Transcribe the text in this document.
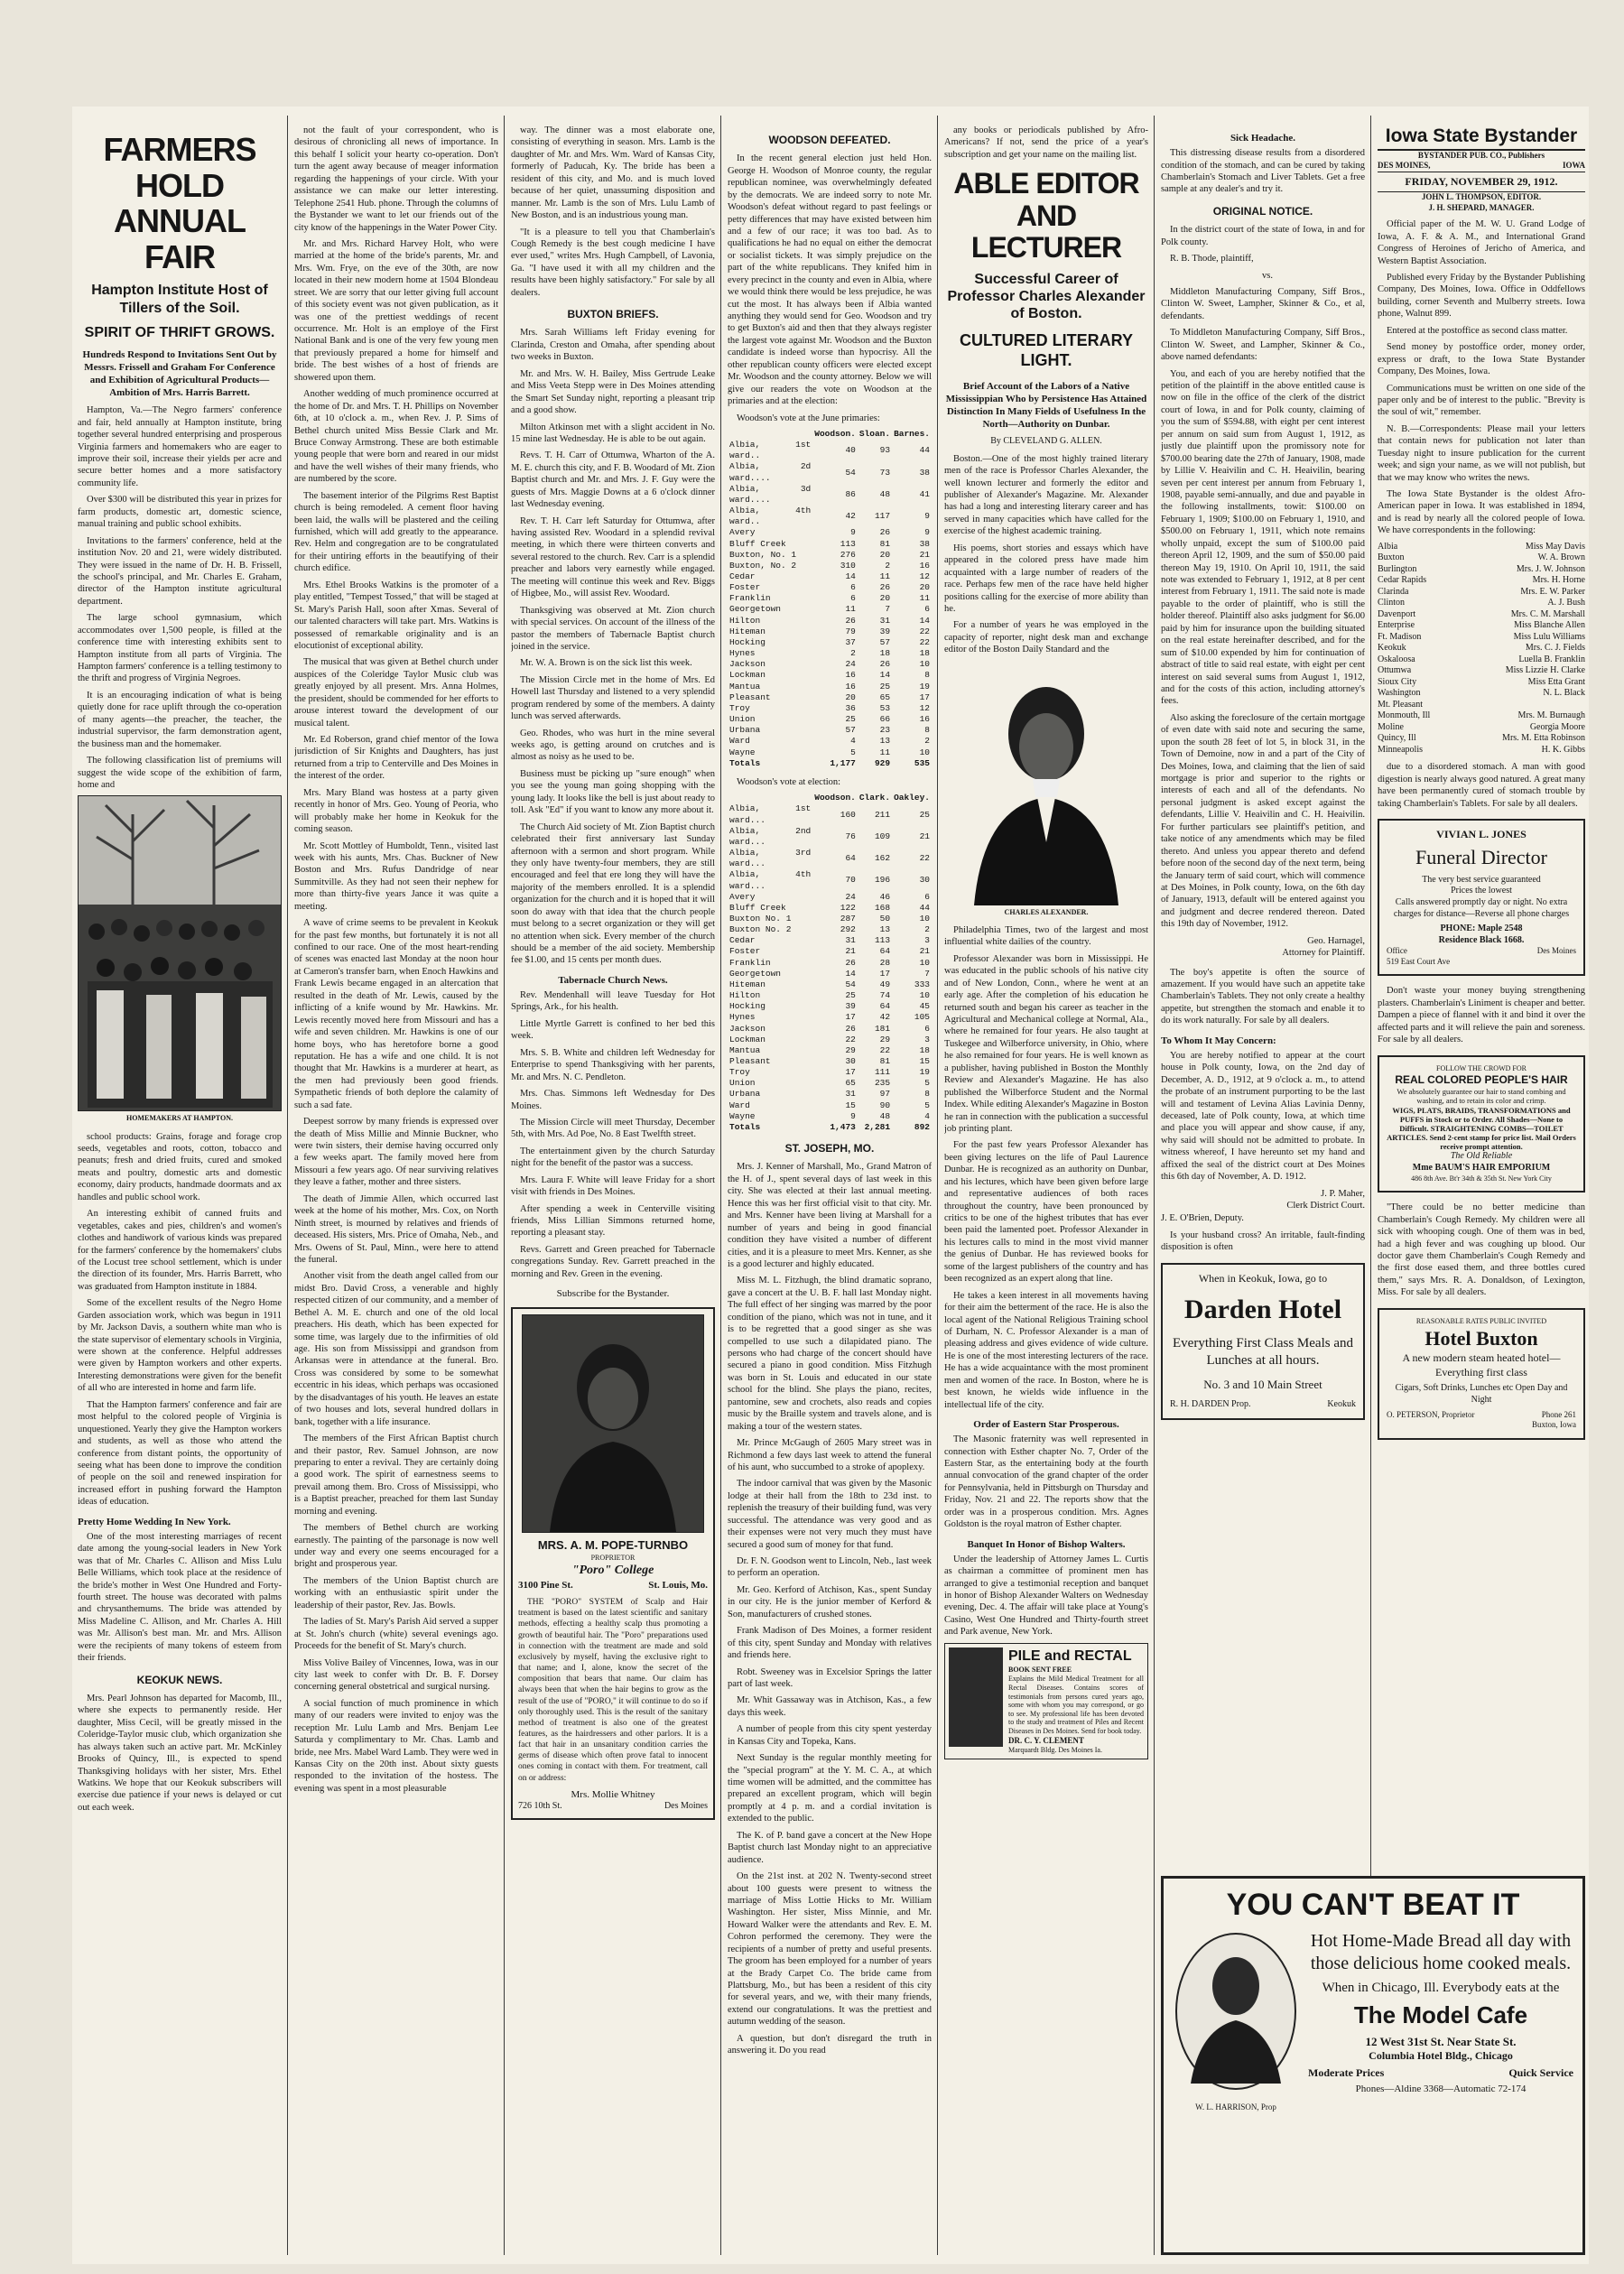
FARMERS HOLD ANNUAL FAIR
Hampton Institute Host of Tillers of the Soil.
SPIRIT OF THRIFT GROWS.
Hundreds Respond to Invitations Sent Out by Messrs. Frissell and Graham For Conference and Exhibition of Agricultural Products—Ambition of Mrs. Harris Barrett.

Hampton, Va.—The Negro farmers' conference and fair, held annually at Hampton institute, bring together several hundred enterprising and prosperous Virginia farmers and homemakers who are eager to improve their soil, increase their yields per acre and secure better homes and a more satisfactory community life.

Over $300 will be distributed this year in prizes for farm products, domestic art, domestic science, manual training and public school exhibits.

Invitations to the farmers' conference, held at the institution Nov. 20 and 21, were widely distributed. They were issued in the name of Dr. H. B. Frissell, the school's principal, and Mr. Charles E. Graham, director of the Hampton institute agricultural department.

The large school gymnasium, which accommodates over 1,500 people, is filled at the conference time with interesting exhibits sent to Hampton institute from all parts of Virginia. The Hampton farmers' conference is a telling testimony to the thrift and progress of Virginia Negroes.

It is an encouraging indication of what is being quietly done for race uplift through the co-operation of many agents—the preacher, the teacher, the industrial supervisor, the farm demonstration agent, the business man and the homemaker.

The following classification list of premiums will suggest the wide scope of the exhibition of farm, home and

HOMEMAKERS AT HAMPTON.

school products: Grains, forage and forage crop seeds, vegetables and roots, cotton, tobacco and peanuts; fresh and dried fruits, cured and smoked meats and poultry, domestic arts and domestic economy, dairy products, handmade doormats and ax handles and public school work.

An interesting exhibit of canned fruits and vegetables, cakes and pies, children's and women's clothes and handiwork of various kinds was prepared for the farmers' conference by the homemakers' clubs of the Locust tree school settlement, which is under the direction of its founder, Mrs. Harris Barrett, who was graduated from Hampton institute in 1884.

Some of the excellent results of the Negro Home Garden association work, which was begun in 1911 by Mr. Jackson Davis, a southern white man who is the state supervisor of elementary schools in Virginia, were shown at the conference. Helpful addresses were given by Hampton workers and other experts. Interesting demonstrations were given for the benefit of all who are interested in home and farm life.

That the Hampton farmers' conference and fair are most helpful to the colored people of Virginia is unquestioned. Yearly they give the Hampton workers and students, as well as those who attend the conference from distant points, the opportunity of seeing what has been done to improve the condition of people on the soil and renewed inspiration for increased effort in pushing forward the Hampton ideas of education.

Pretty Home Wedding In New York.

One of the most interesting marriages of recent date among the young-social leaders in New York was that of Mr. Charles C. Allison and Miss Lulu Belle Williams, which took place at the residence of the bride's mother in West One Hundred and Forty-fourth street. The house was decorated with palms and chrysanthemums. The bride was attended by Miss Madeline C. Allison, and Mr. Charles A. Hill was Mr. Allison's best man. Mr. and Mrs. Allison were the recipients of many tokens of esteem from their friends.

KEOKUK NEWS.

Mrs. Pearl Johnson has departed for Macomb, Ill., where she expects to permanently reside. Her daughter, Miss Cecil, will be greatly missed in the Coleridge-Taylor music club, which organization she has always taken such an active part. Mr. McKinley Brooks of Quincy, Ill., is expected to spend Thanksgiving holidays with her sister, Mrs. Ethel Watkins. We hope that our Keokuk subscribers will exercise due patience if your news is delayed or cut out each week.

not the fault of your correspondent, who is desirous of chronicling all news of importance. In this behalf I solicit your hearty co-operation. Don't turn the agent away because of meager information regarding the happenings of your circle. With your assistance we can make our letter interesting. Telephone 2541 Hub. phone. Through the columns of the Bystander we want to let our friends out of the city know of the happenings in the Water Power City.

Mr. and Mrs. Richard Harvey Holt, who were married at the home of the bride's parents, Mr. and Mrs. Wm. Frye, on the eve of the 30th, are now located in their new modern home at 1504 Blondeau street. We are sorry that our letter giving full account of this society event was not given publication, as it was one of the prettiest weddings of recent occurrence. Mr. Holt is an employe of the First National Bank and is one of the very few young men that previously prepared a home for himself and bride. The best wishes of a host of friends are showered upon them.

Another wedding of much prominence occurred at the home of Dr. and Mrs. T. H. Phillips on November 6th, at 10 o'clock a. m., when Rev. J. P. Sims of Bethel church united Miss Bessie Clark and Mr. Bruce Conway Armstrong. These are both estimable young people that were born and reared in our midst and have the well wishes of their many friends, who are numbered by the score.

The basement interior of the Pilgrims Rest Baptist church is being remodeled. A cement floor having been laid, the walls will be plastered and the ceiling furnished, which will add greatly to the appearance. Rev. Helm and congregation are to be congratulated for their untiring efforts in the beautifying of their church edifice.

Mrs. Ethel Brooks Watkins is the promoter of a play entitled, "Tempest Tossed," that will be staged at St. Mary's Parish Hall, soon after Xmas. Several of our talented characters will take part. Mrs. Watkins is possessed of remarkable originality and is an elocutionist of exceptional ability.

The musical that was given at Bethel church under auspices of the Coleridge Taylor Music club was greatly enjoyed by all present. Mrs. Anna Holmes, the president, should be commended for her efforts to arouse interest toward the development of our musical talent.

Mr. Ed Roberson, grand chief mentor of the Iowa jurisdiction of Sir Knights and Daughters, has just returned from a trip to Centerville and Des Moines in the interest of the order.

Mrs. Mary Bland was hostess at a party given recently in honor of Mrs. Geo. Young of Peoria, who will probably make her home in Keokuk for the coming season.

Mr. Scott Mottley of Humboldt, Tenn., visited last week with his aunts, Mrs. Chas. Buckner of New Boston and Mrs. Rufus Dandridge of near Summitville. As they had not seen their nephew for more than thirty-five years Jance it was quite a meeting.

A wave of crime seems to be prevalent in Keokuk for the past few months, but fortunately it is not all confined to our race. One of the most heart-rending of scenes was enacted last Monday at the noon hour at Cameron's transfer barn, when Enoch Hawkins and Frank Lewis became engaged in an altercation that resulted in the death of Mr. Lewis, caused by the inflicting of a knife wound by Mr. Hawkins. Mr. Lewis recently moved here from Missouri and has a wife and seven children. Mr. Hawkins is one of our home boys, who has heretofore borne a good reputation. He has a wife and one child. It is not thought that Mr. Hawkins is a murderer at heart, as the men had previously been good friends. Sympathetic friends of both deplore the calamity of such a sad fate.

Deepest sorrow by many friends is expressed over the death of Miss Millie and Minnie Buckner, who were twin sisters, their demise having occurred only a few weeks apart. The family moved here from Missouri a few years ago. Of near surviving relatives they leave a father, mother and three sisters.

The death of Jimmie Allen, which occurred last week at the home of his mother, Mrs. Cox, on North Ninth street, is mourned by relatives and friends of deceased. His sisters, Mrs. Price of Omaha, Neb., and Mrs. Owens of St. Paul, Minn., were here to attend the funeral.

Another visit from the death angel called from our midst Bro. David Cross, a venerable and highly respected citizen of our community, and a member of Bethel A. M. E. church and one of the old local preachers. His death, which has been expected for some time, was largely due to the infirmities of old age. His son from Mississippi and grandson from Arkansas were in attendance at the funeral. Bro. Cross was considered by some to be somewhat eccentric in his ideas, which perhaps was occasioned by the disadvantages of his youth. He leaves an estate of two houses and lots, several hundred dollars in bank, together with a life insurance.

The members of the First African Baptist church and their pastor, Rev. Samuel Johnson, are now preparing to enter a revival. They are certainly doing a good work. The spirit of earnestness seems to prevail among them. Bro. Cross of Mississippi, who is a Baptist preacher, preached for them last Sunday morning and evening.

The members of Bethel church are working earnestly. The painting of the parsonage is now well under way and every one seems encouraged for a bright and prosperous year.

The members of the Union Baptist church are working with an enthusiastic spirit under the leadership of their pastor, Rev. Jas. Bowls.

The ladies of St. Mary's Parish Aid served a supper at St. John's church (white) several evenings ago. Proceeds for the benefit of St. Mary's church.

Miss Volive Bailey of Vincennes, Iowa, was in our city last week to confer with Dr. B. F. Dorsey concerning general obstetrical and surgical nursing.

A social function of much prominence in which many of our readers were invited to enjoy was the reception Mr. Lulu Lamb and Mrs. Benjam Lee Saturda y complimentary to Mr. Chas. Lamb and bride, nee Mrs. Mabel Ward Lamb. They were wed in Kansas City on the 20th inst. About sixty guests responded to the invitation of the hostess. The evening was spent in a most pleasurable

way. The dinner was a most elaborate one, consisting of everything in season. Mrs. Lamb is the daughter of Mr. and Mrs. Wm. Ward of Kansas City, formerly of Paducah, Ky. The bride has been a resident of this city, and Mo. and is much loved because of her quiet, unassuming disposition and manner. Mr. Lamb is the son of Mrs. Lulu Lamb of New Boston, and is an industrious young man.

"It is a pleasure to tell you that Chamberlain's Cough Remedy is the best cough medicine I have ever used," writes Mrs. Hugh Campbell, of Lavonia, Ga. "I have used it with all my children and the results have been highly satisfactory." For sale by all dealers.

BUXTON BRIEFS.

Mrs. Sarah Williams left Friday evening for Clarinda, Creston and Omaha, after spending about two weeks in Buxton.

Mr. and Mrs. W. H. Bailey, Miss Gertrude Leake and Miss Veeta Stepp were in Des Moines attending the Smart Set Sunday night, reporting a pleasant trip and a good show.

Milton Atkinson met with a slight accident in No. 15 mine last Wednesday. He is able to be out again.

Revs. T. H. Carr of Ottumwa, Wharton of the A. M. E. church this city, and F. B. Woodard of Mt. Zion Baptist church and Mr. and Mrs. J. F. Guy were the guests of Mrs. Maggie Downs at a 6 o'clock dinner last Wednesday evening.

Rev. T. H. Carr left Saturday for Ottumwa, after having assisted Rev. Woodard in a splendid revival meeting, in which there were thirteen converts and several restored to the church. Rev. Carr is a splendid preacher and labors very earnestly while engaged. The meeting will continue this week and Rev. Biggs of Higbee, Mo., will assist Rev. Woodard.

Thanksgiving was observed at Mt. Zion church with special services. On account of the illness of the pastor the members of Tabernacle Baptist church joined in the service.

Mr. W. A. Brown is on the sick list this week.

The Mission Circle met in the home of Mrs. Ed Howell last Thursday and listened to a very splendid program rendered by some of the members. A dainty lunch was served afterwards.

Geo. Rhodes, who was hurt in the mine several weeks ago, is getting around on crutches and is almost as noisy as he used to be.

Business must be picking up "sure enough" when you see the young man going shopping with the young lady. It looks like the bell is just about ready to toll. Ask "Ed" if you want to know any more about it.

The Church Aid society of Mt. Zion Baptist church celebrated their first anniversary last Sunday afternoon with a sermon and short program. While they only have twenty-four members, they are still encouraged and feel that ere long they will have the majority of the members enrolled. It is a splendid organization for the church and it is hoped that it will soon do away with that idea that the church people must belong to a secret organization or they will get no attention when sick. Every member of the church should be a member of the aid society. Membership fee $1.00, and 15 cents per month dues.

Tabernacle Church News.

Rev. Mendenhall will leave Tuesday for Hot Springs, Ark., for his health.

Little Myrtle Garrett is confined to her bed this week.

Mrs. S. B. White and children left Wednesday for Enterprise to spend Thanksgiving with her parents, Mr. and Mrs. N. C. Pendleton.

Mrs. Chas. Simmons left Wednesday for Des Moines.

The Mission Circle will meet Thursday, December 5th, with Mrs. Ad Poe, No. 8 East Twelfth street.

The entertainment given by the church Saturday night for the benefit of the pastor was a success.

Mrs. Laura F. White will leave Friday for a short visit with friends in Des Moines.

After spending a week in Centerville visiting friends, Miss Lillian Simmons returned home, reporting a pleasant stay.

Revs. Garrett and Green preached for Tabernacle congregations Sunday. Rev. Garrett preached in the morning and Rev. Green in the evening.

Subscribe for the Bystander.
MRS. A. M. POPE-TURNBO
PROPRIETOR
"Poro" College
3100 Pine St.	St. Louis, Mo.

THE "PORO" SYSTEM of Scalp and Hair treatment is based on the latest scientific and sanitary methods, effecting a healthy scalp thus promoting a growth of beautiful hair. The "Poro" preparations used in connection with the treatment are made and sold exclusively by myself, having the exclusive right to that name; and I, alone, know the secret of the composition that bears that name. Our claim has always been that when the hair begins to grow as the result of the use of "PORO," it will continue to do so if only thoroughly used. This is the result of the sanitary method of treatment is also one of the greatest features, as the hairdressers and other parlors. It is a fact that hair in an unsanitary condition carries the germs of disease which often prove fatal to innocent ones coming in contact with them. For treatment, call on or address:

Mrs. Mollie Whitney
726 10th St.	Des Moines
WOODSON DEFEATED.

In the recent general election just held Hon. George H. Woodson of Monroe county, the regular republican nominee, was overwhelmingly defeated by the democrats. We are indeed sorry to note Mr. Woodson's defeat without regard to past feelings or petty differences that may have existed between him and a few of our race; it was too bad. As to qualifications he had no equal on either the democrat or socialist tickets. It was simply prejudice on the part of the white republicans. They knifed him in every precinct in the county and even in Albia, where we would think there would be less prejudice, he was cut the most. It has always been if Albia wanted anything they would send for Geo. Woodson and try to get Buxton's aid and then that they always register the largest vote against Mr. Woodson and the Buxton candidate is indeed worse than hypocrisy. All the other republican county officers were elected except Mr. Woodson and the county attorney. Below we will give our readers the vote on Woodson at the primaries and at the election:

Woodson's vote at the June primaries:

	Woodson.	Sloan.	Barnes.
Albia, 1st ward..	40	93	44
Albia, 2d ward....	54	73	38
Albia, 3d ward....	86	48	41
Albia, 4th ward..	42	117	9
Avery	9	26	9
Bluff Creek	113	81	38
Buxton, No. 1	276	20	21
Buxton, No. 2	310	2	16
Cedar	14	11	12
Foster	6	26	20
Franklin	6	20	11
Georgetown	11	7	6
Hilton	26	31	14
Hiteman	79	39	22
Hocking	37	57	22
Hynes	2	18	18
Jackson	24	26	10
Lockman	16	14	8
Mantua	16	25	19
Pleasant	20	65	17
Troy	36	53	12
Union	25	66	16
Urbana	57	23	8
Ward	4	13	2
Wayne	5	11	10
Totals	1,177	929	535

Woodson's vote at election:

	Woodson.	Clark.	Oakley.
Albia, 1st ward...	160	211	25
Albia, 2nd ward...	76	109	21
Albia, 3rd ward...	64	162	22
Albia, 4th ward...	70	196	30
Avery	24	46	6
Bluff Creek	122	168	44
Buxton No. 1	287	50	10
Buxton No. 2	292	13	2
Cedar	31	113	3
Foster	21	64	21
Franklin	26	28	10
Georgetown	14	17	7
Hiteman	54	49	333
Hilton	25	74	10
Hocking	39	64	45
Hynes	17	42	105
Jackson	26	181	6
Lockman	22	29	3
Mantua	29	22	18
Pleasant	30	81	15
Troy	17	111	19
Union	65	235	5
Urbana	31	97	8
Ward	15	90	5
Wayne	9	48	4
Totals	1,473	2,281	892
ST. JOSEPH, MO.

Mrs. J. Kenner of Marshall, Mo., Grand Matron of the H. of J., spent several days of last week in this city. She was elected at their last annual meeting. Hence this was her first official visit to that city. Mr. and Mrs. Kenner have been living at Marshall for a number of years and being in good financial condition they have visited a number of different cities, and it is a pleasure to meet Mrs. Kenner, as she is a good lecturer and highly educated.

Miss M. L. Fitzhugh, the blind dramatic soprano, gave a concert at the U. B. F. hall last Monday night. The full effect of her singing was marred by the poor condition of the piano, which was not in tune, and it is to be regretted that a good singer as she was compelled to use such a dilapidated piano. The persons who had charge of the concert should have secured a piano in good condition. Miss Fitzhugh was born in St. Louis and educated in our state school for the blind. She plays the piano, recites, pantomine, sew and crochets, also reads and copies music by the Braille system and travels alone, and is making a tour of the western states.

Mr. Prince McGaugh of 2605 Mary street was in Richmond a few days last week to attend the funeral of his aunt, who succumbed to a stroke of apoplexy.

The indoor carnival that was given by the Masonic lodge at their hall from the 18th to 23d inst. to replenish the treasury of their building fund, was very successful. The attendance was very good and as their expenses were not very much they must have secured a good sum of money for that fund.

Dr. F. N. Goodson went to Lincoln, Neb., last week to perform an operation.

Mr. Geo. Kerford of Atchison, Kas., spent Sunday in our city. He is the junior member of Kerford & Son, manufacturers of crushed stones.

Frank Madison of Des Moines, a former resident of this city, spent Sunday and Monday with relatives and friends here.

Robt. Sweeney was in Excelsior Springs the latter part of last week.

Mr. Whit Gassaway was in Atchison, Kas., a few days this week.

A number of people from this city spent yesterday in Kansas City and Topeka, Kans.

Next Sunday is the regular monthly meeting for the "special program" at the Y. M. C. A., at which time women will be admitted, and the committee has prepared an excellent program, which will begin promptly at 4 p. m. and a cordial invitation is extended to the public.

The K. of P. band gave a concert at the New Hope Baptist church last Monday night to an appreciative audience.

On the 21st inst. at 202 N. Twenty-second street about 100 guests were present to witness the marriage of Miss Lottie Hicks to Mr. William Washington. Her sister, Miss Minnie, and Mr. Howard Walker were the attendants and Rev. E. M. Cohron performed the ceremony. They were the recipients of a number of pretty and useful presents. The groom has been employed for a number of years at the Brady Carpet Co. The bride came from Plattsburg, Mo., but has been a resident of this city for several years, and we, with their many friends, extend our congratulations. It was the prettiest and autumn wedding of the season.

A question, but don't disregard the truth in answering it. Do you read

any books or periodicals published by Afro-Americans? If not, send the price of a year's subscription and get your name on the mailing list.

ABLE EDITOR AND LECTURER
Successful Career of Professor Charles Alexander of Boston.
CULTURED LITERARY LIGHT.
Brief Account of the Labors of a Native Mississippian Who by Persistence Has Attained Distinction In Many Fields of Usefulness In the North—Authority on Dunbar.
By CLEVELAND G. ALLEN.

Boston.—One of the most highly trained literary men of the race is Professor Charles Alexander, the well known lecturer and formerly the editor and publisher of Alexander's Magazine. Mr. Alexander has had a long and interesting literary career and has served in many capacities which have called for the exercise of the highest academic training.

His poems, short stories and essays which have appeared in the colored press have made him acquainted with a large number of readers of the race. Perhaps few men of the race have held higher positions calling for the exercise of more ability than he.

For a number of years he was employed in the capacity of reporter, night desk man and exchange editor of the Boston Daily Standard and the

CHARLES ALEXANDER.

Philadelphia Times, two of the largest and most influential white dailies of the country.

Professor Alexander was born in Mississippi. He was educated in the public schools of his native city and of New London, Conn., where he went at an early age. After the completion of his education he returned south and began his career as teacher in the Agricultural and Mechanical college at Normal, Ala., where he remained for four years. He also taught at Tuskegee and Wilberforce university, in Ohio, where he also remained for four years. He is well known as a publisher, having published in Boston the Monthly Review and Alexander's Magazine. He has also published the Wilberforce Student and the Normal Index. While editing Alexander's Magazine in Boston he ran in connection with the publication a successful job printing plant.

For the past few years Professor Alexander has been giving lectures on the life of Paul Laurence Dunbar. He is recognized as an authority on Dunbar, and his lectures, which have been given before large and representative audiences of both races throughout the country, have been pronounced by critics to be one of the highest tributes that has ever been paid the lamented poet. Professor Alexander in his lectures calls to mind in the most vivid manner the genius of Dunbar. He has reviewed books for some of the largest publishers of the country and has been recognized as an expert along that line.

He takes a keen interest in all movements having for their aim the betterment of the race. He is also the local agent of the National Religious Training school of Durham, N. C. Professor Alexander is a man of pleasing address and gives evidence of wide culture. He is one of the most interesting lecturers of the race. He has a wide acquaintance with the most prominent men and women of the race. In Boston, where he is best known, he wields wide influence in the intellectual life of the city.

Order of Eastern Star Prosperous.

The Masonic fraternity was well represented in connection with Esther chapter No. 7, Order of the Eastern Star, as the entertaining body at the fourth annual convocation of the grand chapter of the order for Pennsylvania, held in Pittsburgh on Thursday and Friday, Nov. 21 and 22. The reports show that the order was in a prosperous condition. Mrs. Agnes Goldston is the royal matron of Esther chapter.

Banquet In Honor of Bishop Walters.

Under the leadership of Attorney James L. Curtis as chairman a committee of prominent men has arranged to give a testimonial reception and banquet in honor of Bishop Alexander Walters on Wednesday evening, Dec. 4. The affair will take place at Young's Casino, West One Hundred and Thirty-fourth street and Park avenue, New York.

PILE and RECTAL
BOOK SENT FREE
Explains the Mild Medical Treatment for all Rectal Diseases. Contains scores of testimonials from persons cured years ago, some with whom you may correspond, or go to see. My professional life has been devoted to the study and treatment of Piles and Recent Diseases in Des Moines. Send for book today.
DR. C. Y. CLEMENT
Marquardt Bldg. Des Moines Ia.
Sick Headache.

This distressing disease results from a disordered condition of the stomach, and can be cured by taking Chamberlain's Stomach and Liver Tablets. Get a free sample at any dealer's and try it.

ORIGINAL NOTICE.

In the district court of the state of Iowa, in and for Polk county.

R. B. Thode, plaintiff,

vs.

Middleton Manufacturing Company, Siff Bros., Clinton W. Sweet, Lampher, Skinner & Co., et al, defendants.

To Middleton Manufacturing Company, Siff Bros., Clinton W. Sweet, and Lampher, Skinner & Co., above named defendants:

You, and each of you are hereby notified that the petition of the plaintiff in the above entitled cause is now on file in the office of the clerk of the district court of Iowa, in and for Polk county, claiming of you the sum of $594.88, with eight per cent interest per annum on said sum from August 1, 1912, as justly due plaintiff upon the promissory note for $700.00 bearing date the 27th of January, 1908, made by Lillie V. Heaivilin and C. H. Heaivilin, bearing seven per cent interest per annum from February 1, 1908, payable semi-annually, and due and payable in the following installments, towit: $100.00 on February 1, 1909; $100.00 on February 1, 1910, and $500.00 on February 1, 1911, which note remains wholly unpaid, except the sum of $100.00 paid thereon April 12, 1909, and the sum of $50.00 paid thereon May 19, 1910. On April 10, 1911, the said note was extended to February 1, 1912, at 8 per cent interest from February 1, 1911. The said note is made payable to the order of plaintiff, who is still the holder thereof. Plaintiff also asks judgment for $6.00 paid by him for insurance upon the building situated on the real estate hereinafter described, and for the sum of $10.00 expended by him for continuation of abstract of title to said real estate, with eight per cent interest on said several sums from August 1, 1912, and for the costs of this action, including attorney's fees.

Also asking the foreclosure of the certain mortgage of even date with said note and securing the same, upon the south 28 feet of lot 5, in block 31, in the Town of Demoine, now in and a part of the City of Des Moines, Iowa, and claiming that the lien of said mortgage is prior and superior to the rights or interests of each and all of the defendants. No personal judgment is asked except against the defendants, Lillie V. Heaivilin and C. H. Heaivilin. For further particulars see plaintiff's petition, and take notice of any amendments which may be filed thereto. And unless you appear thereto and defend before noon of the second day of the next term, being the January term of said court, which will commence at Des Moines, in Polk county, Iowa, on the 6th day of January, 1913, default will be entered against you and judgment and decree rendered thereon. Dated this 19th day of November, 1912.

Geo. Harnagel,
Attorney for Plaintiff.

The boy's appetite is often the source of amazement. If you would have such an appetite take Chamberlain's Tablets. They not only create a healthy appetite, but strengthen the stomach and enable it to do its work naturally. For sale by all dealers.

To Whom It May Concern:

You are hereby notified to appear at the court house in Polk county, Iowa, on the 2nd day of December, A. D., 1912, at 9 o'clock a. m., to attend the probate of an instrument purporting to be the last will and testament of Levina Alias Lavinia Denny, deceased, late of Polk county, Iowa, at which time and place you will appear and show cause, if any, why said will should not be admitted to probate. In witness whereof, I have hereunto set my hand and affixed the seal of the district court at Des Moines this 6th day of November, A. D. 1912.

J. P. Maher,
Clerk District Court.
J. E. O'Brien, Deputy.

Is your husband cross? An irritable, fault-finding disposition is often

When in Keokuk, Iowa, go to
Darden Hotel
Everything First Class Meals and Lunches at all hours.
No. 3 and 10 Main Street
R. H. DARDEN Prop.	Keokuk
Iowa State Bystander
BYSTANDER PUB. CO., Publishers
DES MOINES,	IOWA
FRIDAY, NOVEMBER 29, 1912.
JOHN L. THOMPSON, EDITOR.
J. H. SHEPARD, MANAGER.

Official paper of the M. W. U. Grand Lodge of Iowa, A. F. & A. M., and International Grand Congress of Heroines of Jericho of America, and Western Baptist Association.

Published every Friday by the Bystander Publishing Company, Des Moines, Iowa. Office in Oddfellows building, corner Seventh and Mulberry streets. Iowa phone, Walnut 899.

Entered at the postoffice as second class matter.

Send money by postoffice order, money order, express or draft, to the Iowa State Bystander Company, Des Moines, Iowa.

Communications must be written on one side of the paper only and be of interest to the public. "Brevity is the soul of wit," remember.

N. B.—Correspondents: Please mail your letters that contain news for publication not later than Tuesday night to insure publication for the current week; and sign your name, as we will not publish, but that we may know who writes the news.

The Iowa State Bystander is the oldest Afro-American paper in Iowa. It was established in 1894, and is read by nearly all the colored people of Iowa. We have correspondents in the following:

Albia	Miss May Davis
Buxton	W. A. Brown
Burlington	Mrs. J. W. Johnson
Cedar Rapids	Mrs. H. Horne
Clarinda	Mrs. E. W. Parker
Clinton	A. J. Bush
Davenport	Mrs. C. M. Marshall
Enterprise	Miss Blanche Allen
Ft. Madison	Miss Lulu Williams
Keokuk	Mrs. C. J. Fields
Oskaloosa	Luella B. Franklin
Ottumwa	Miss Lizzie H. Clarke
Sioux City	Miss Etta Grant
Washington	N. L. Black
Mt. Pleasant
Monmouth, Ill	Mrs. M. Burnaugh
Moline	Georgia Moore
Quincy, Ill	Mrs. M. Etta Robinson
Minneapolis	H. K. Gibbs

due to a disordered stomach. A man with good digestion is nearly always good natured. A great many have been permanently cured of stomach trouble by taking Chamberlain's Tablets. For sale by all dealers.

VIVIAN L. JONES
Funeral Director
The very best service guaranteed
Prices the lowest
Calls answered promptly day or night. No extra charges for distance—Reverse all phone charges
PHONE: Maple 2548
Residence Black 1668.
Office	Des Moines
519 East Court Ave

Don't waste your money buying strengthening plasters. Chamberlain's Liniment is cheaper and better. Dampen a piece of flannel with it and bind it over the affected parts and it will relieve the pain and soreness. For sale by all dealers.

FOLLOW THE CROWD FOR
REAL COLORED PEOPLE'S HAIR
We absolutely guarantee our hair to stand combing and washing, and to retain its color and crimp.
WIGS, PLATS, BRAIDS, TRANSFORMATIONS and PUFFS in Stock or to Order. All Shades—None to Difficult. STRAIGHTENING COMBS—TOILET ARTICLES. Send 2-cent stamp for price list. Mail Orders receive prompt attention.
The Old Reliable
Mme BAUM'S HAIR EMPORIUM
486 8th Ave. Bt'r 34th & 35th St. New York City

"There could be no better medicine than Chamberlain's Cough Remedy. My children were all sick with whooping cough. One of them was in bed, had a high fever and was coughing up blood. Our doctor gave them Chamberlain's Cough Remedy and the first dose eased them, and three bottles cured them," says Mrs. R. A. Donaldson, of Lexington, Miss. For sale by all dealers.

REASONABLE RATES PUBLIC INVITED
Hotel Buxton
A new modern steam heated hotel—Everything first class
Cigars, Soft Drinks, Lunches etc Open Day and Night
O. PETERSON, Proprietor	Phone 261
Buxton, Iowa
YOU CAN'T BEAT IT
W. L. HARRISON, Prop
Hot Home-Made Bread all day with those delicious home cooked meals.
When in Chicago, Ill. Everybody eats at the
The Model Cafe
12 West 31st St. Near State St.
Columbia Hotel Bldg., Chicago
Moderate Prices	Quick Service
Phones—Aldine 3368—Automatic 72-174
